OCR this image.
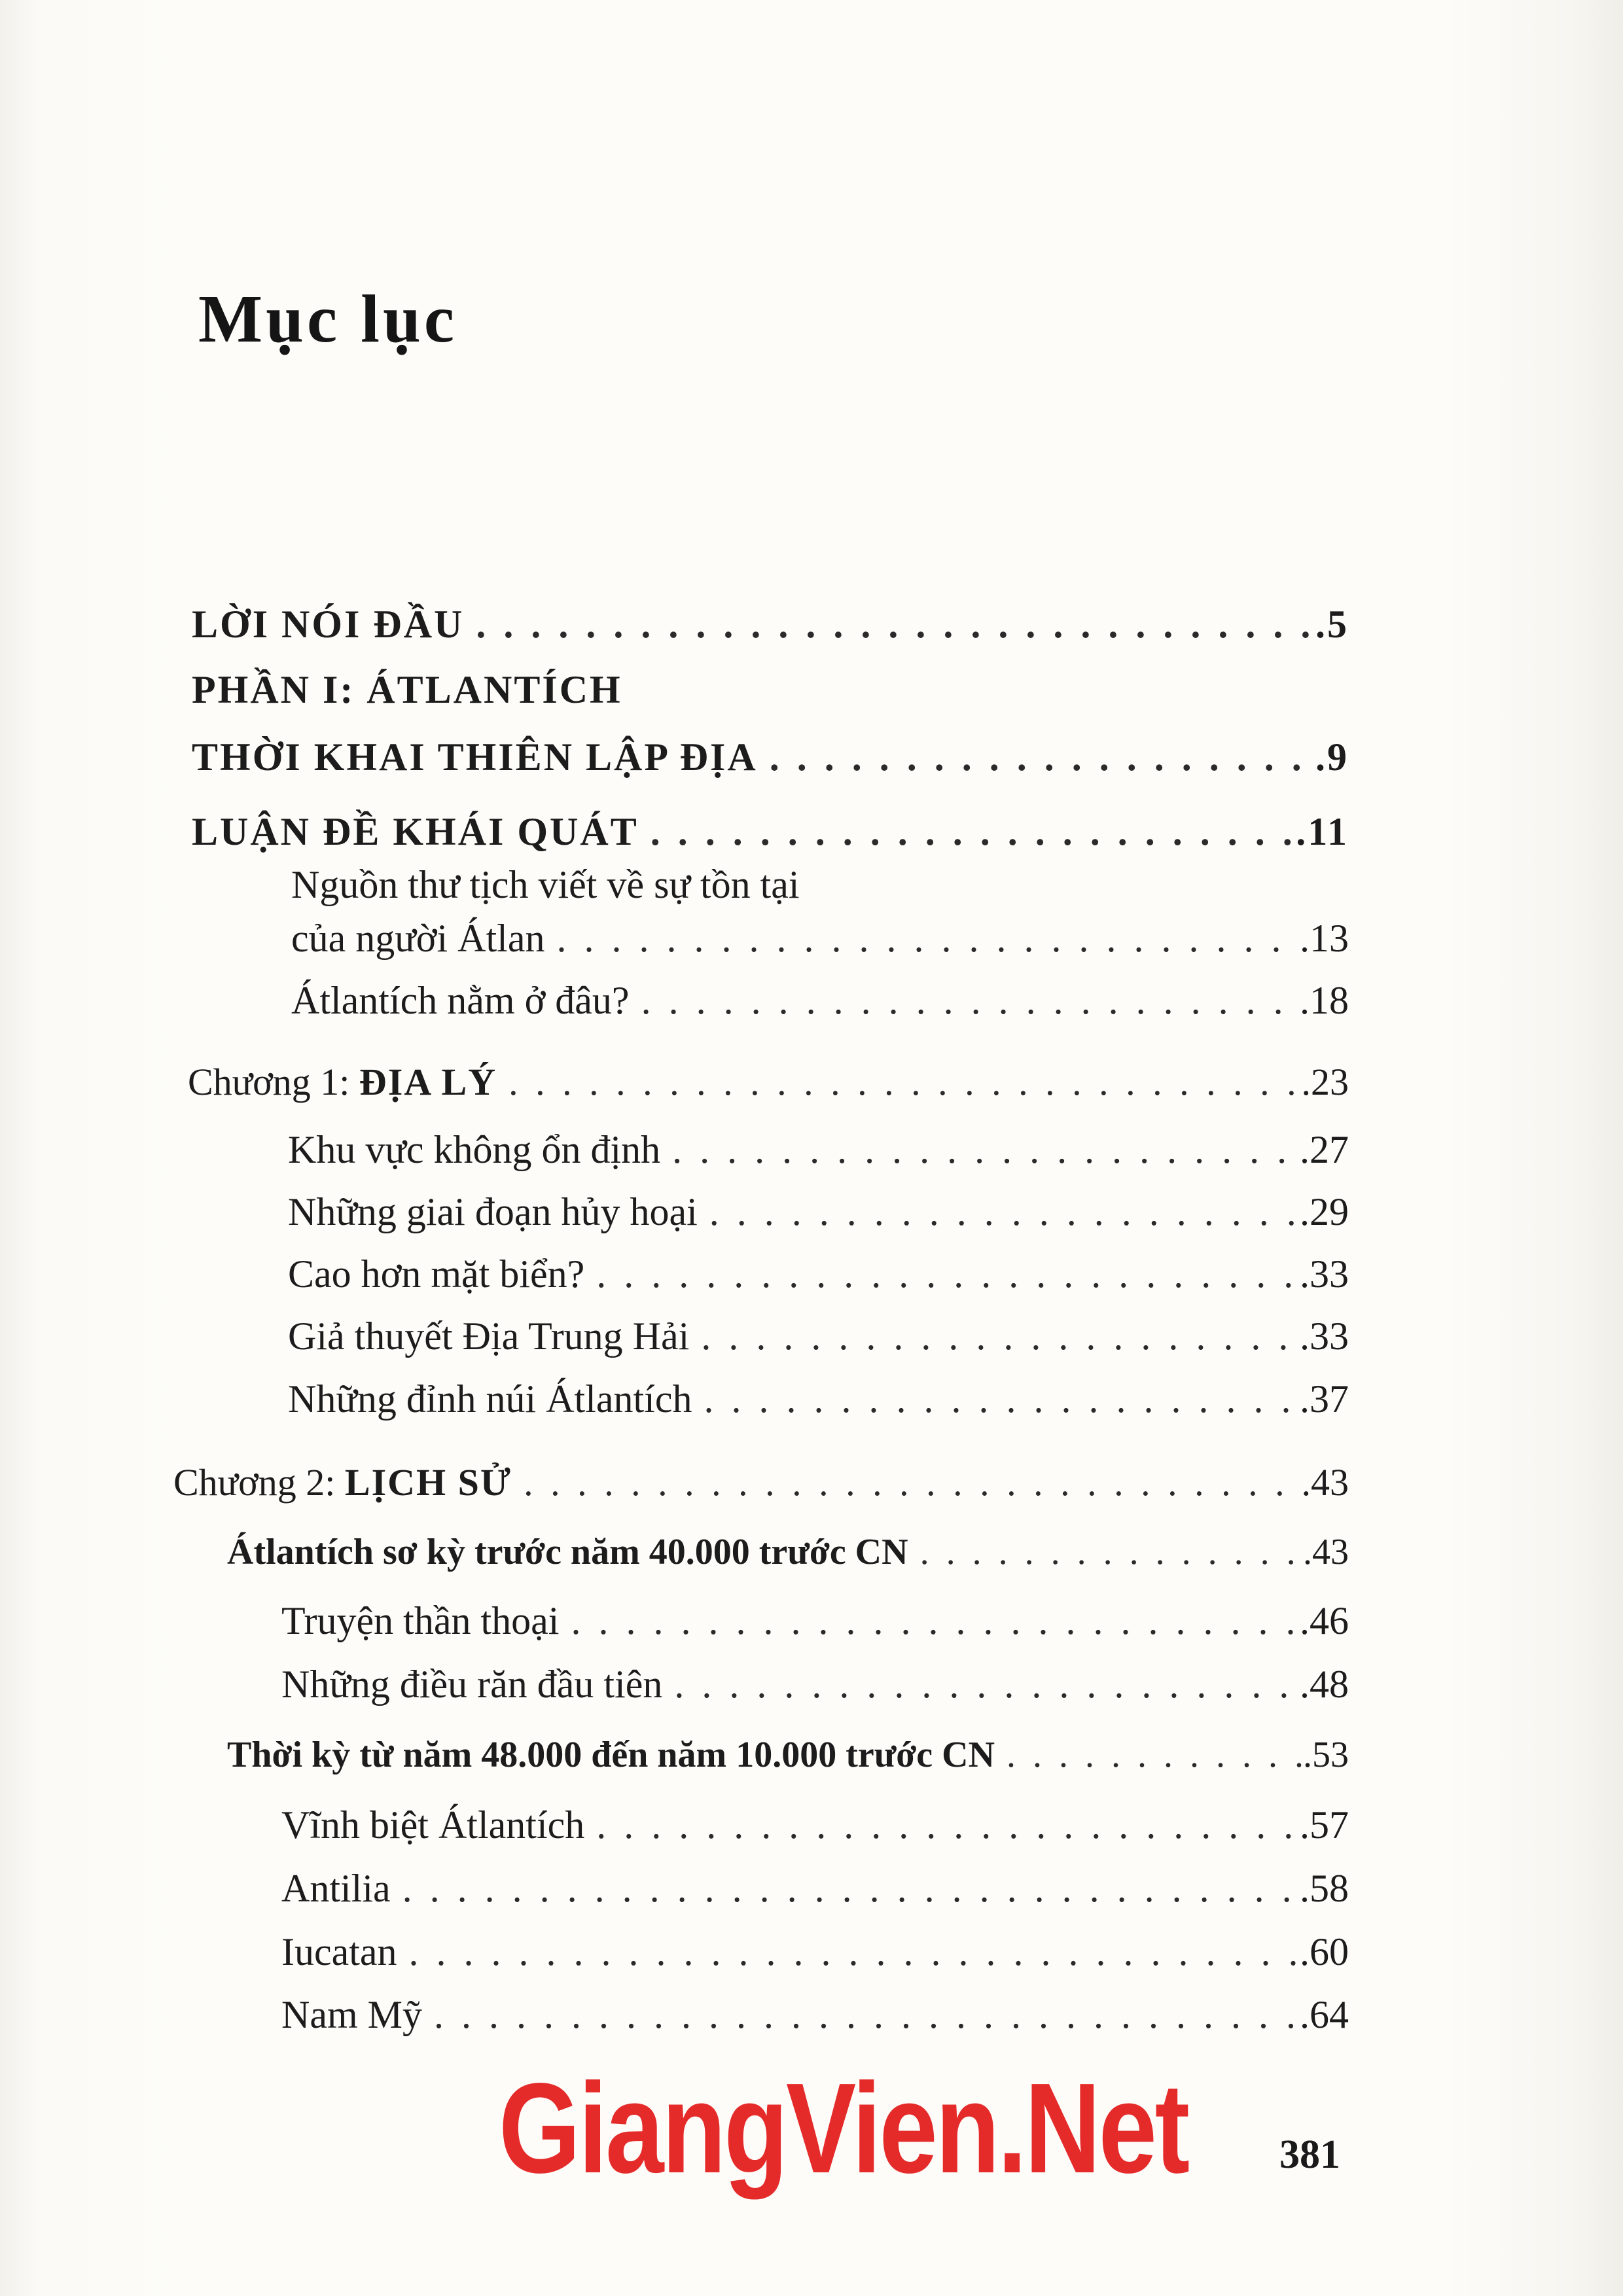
Mục lục
LỜI NÓI ĐẦU . . .	.5
PHẦN I: ÁTLANTÍCH
THỜI KHAI THIÊN LẬP ĐỊA . . .	.9
LUẬN ĐỀ KHÁI QUÁT . . .	.11
Nguồn thư tịch viết về sự tồn tại
của người Átlan . . .	.13
Átlantích nằm ở đâu? . . .	.18
Chương 1: ĐỊA LÝ . . .	.23
Khu vực không ổn định . . .	.27
Những giai đoạn hủy hoại . . .	.29
Cao hơn mặt biển? . . .	.33
Giả thuyết Địa Trung Hải . . .	.33
Những đỉnh núi Átlantích . . .	.37
Chương 2: LỊCH SỬ . . .	.43
Átlantích sơ kỳ trước năm 40.000 trước CN . . .	.43
Truyện thần thoại . . .	.46
Những điều răn đầu tiên . . .	.48
Thời kỳ từ năm 48.000 đến năm 10.000 trước CN . . .	.53
Vĩnh biệt Átlantích . . .	.57
Antilia . . .	.58
Iucatan . . .	.60
Nam Mỹ . . .	.64
GiangVien.Net 381
